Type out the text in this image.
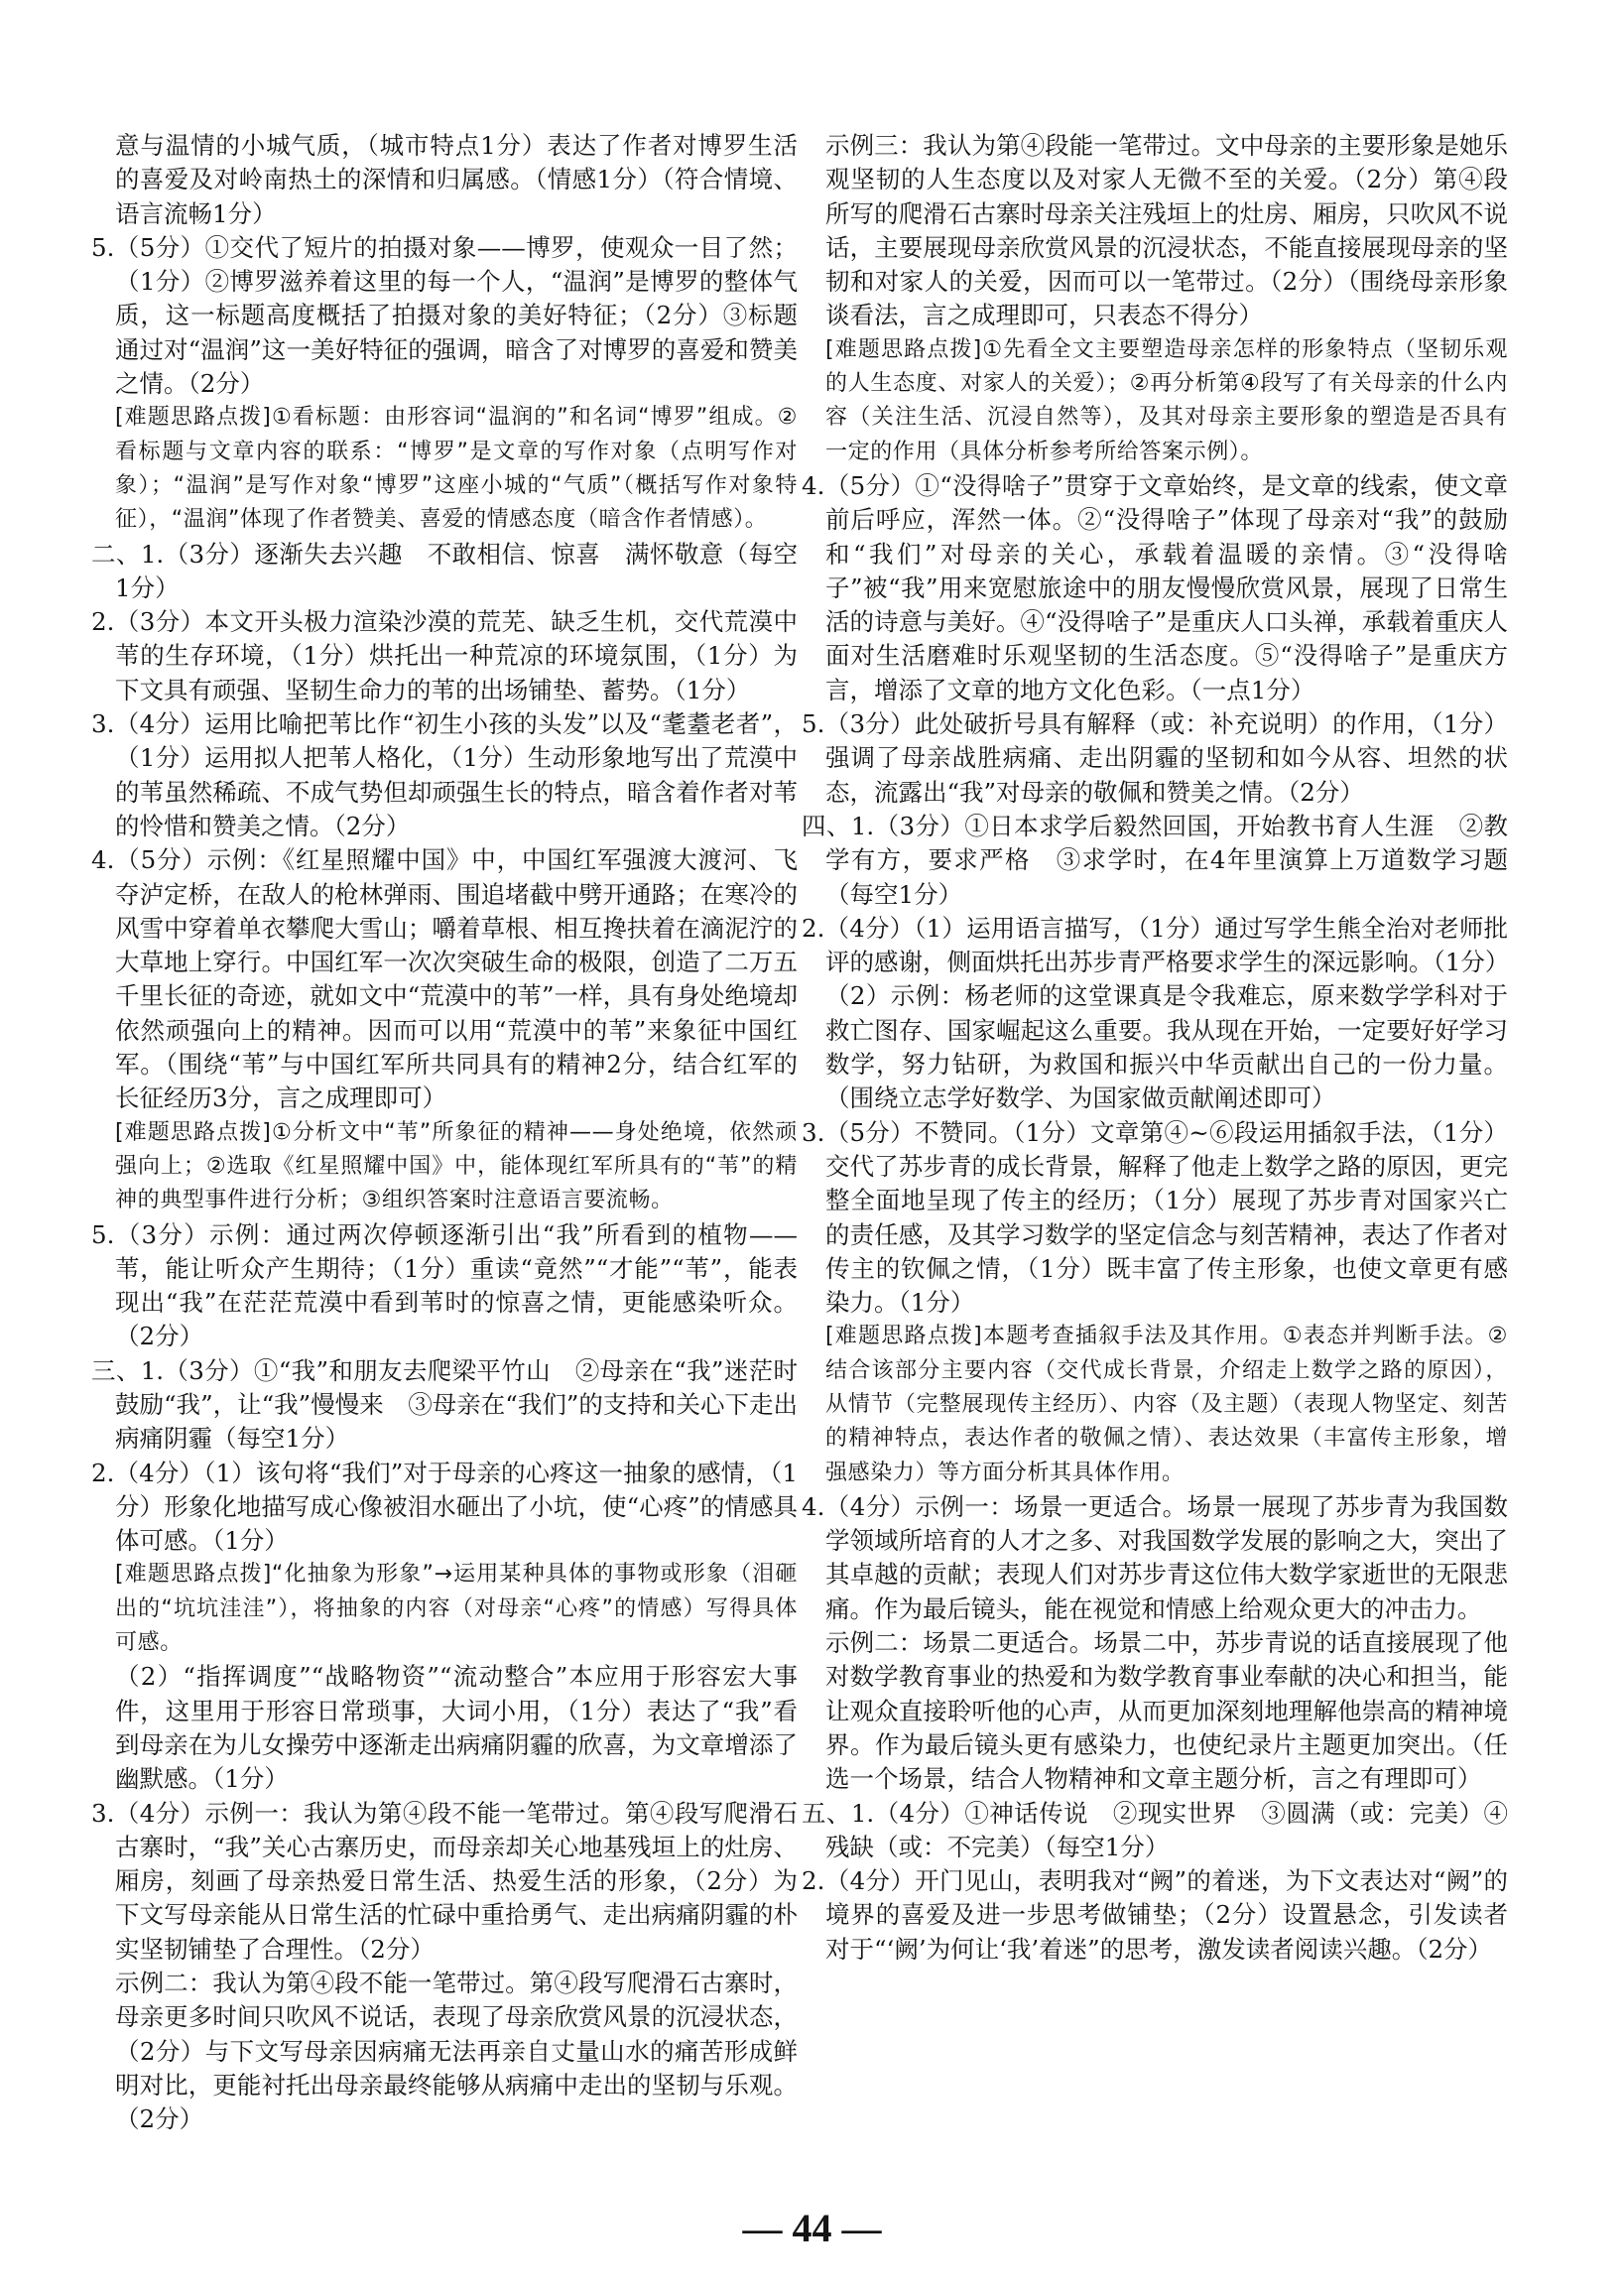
意与温情的小城气质，（城市特点1分）表达了作者对博罗生活的喜爱及对岭南热土的深情和归属感。（情感1分）（符合情境、语言流畅1分）

5.（5分）①交代了短片的拍摄对象——博罗，使观众一目了然；（1分）②博罗滋养着这里的每一个人，“温润”是博罗的整体气质，这一标题高度概括了拍摄对象的美好特征；（2分）③标题通过对“温润”这一美好特征的强调，暗含了对博罗的喜爱和赞美之情。（2分）

[难题思路点拨]①看标题：由形容词“温润的”和名词“博罗”组成。②看标题与文章内容的联系：“博罗”是文章的写作对象（点明写作对象）；“温润”是写作对象“博罗”这座小城的“气质”（概括写作对象特征），“温润”体现了作者赞美、喜爱的情感态度（暗含作者情感）。

二、1.（3分）逐渐失去兴趣　不敢相信、惊喜　满怀敬意（每空1分）

2.（3分）本文开头极力渲染沙漠的荒芜、缺乏生机，交代荒漠中苇的生存环境，（1分）烘托出一种荒凉的环境氛围，（1分）为下文具有顽强、坚韧生命力的苇的出场铺垫、蓄势。（1分）

3.（4分）运用比喻把苇比作“初生小孩的头发”以及“耄耋老者”，（1分）运用拟人把苇人格化，（1分）生动形象地写出了荒漠中的苇虽然稀疏、不成气势但却顽强生长的特点，暗含着作者对苇的怜惜和赞美之情。（2分）

4.（5分）示例：《红星照耀中国》中，中国红军强渡大渡河、飞夺泸定桥，在敌人的枪林弹雨、围追堵截中劈开通路；在寒冷的风雪中穿着单衣攀爬大雪山；嚼着草根、相互搀扶着在滴泥泞的大草地上穿行。中国红军一次次突破生命的极限，创造了二万五千里长征的奇迹，就如文中“荒漠中的苇”一样，具有身处绝境却依然顽强向上的精神。因而可以用“荒漠中的苇”来象征中国红军。（围绕“苇”与中国红军所共同具有的精神2分，结合红军的长征经历3分，言之成理即可）

[难题思路点拨]①分析文中“苇”所象征的精神——身处绝境，依然顽强向上；②选取《红星照耀中国》中，能体现红军所具有的“苇”的精神的典型事件进行分析；③组织答案时注意语言要流畅。

5.（3分）示例：通过两次停顿逐渐引出“我”所看到的植物——苇，能让听众产生期待；（1分）重读“竟然”“才能”“苇”，能表现出“我”在茫茫荒漠中看到苇时的惊喜之情，更能感染听众。（2分）

三、1.（3分）①“我”和朋友去爬梁平竹山　②母亲在“我”迷茫时鼓励“我”，让“我”慢慢来　③母亲在“我们”的支持和关心下走出病痛阴霾（每空1分）

2.（4分）（1）该句将“我们”对于母亲的心疼这一抽象的感情，（1分）形象化地描写成心像被泪水砸出了小坑，使“心疼”的情感具体可感。（1分）

[难题思路点拨]“化抽象为形象”→运用某种具体的事物或形象（泪砸出的“坑坑洼洼”），将抽象的内容（对母亲“心疼”的情感）写得具体可感。

（2）“指挥调度”“战略物资”“流动整合”本应用于形容宏大事件，这里用于形容日常琐事，大词小用，（1分）表达了“我”看到母亲在为儿女操劳中逐渐走出病痛阴霾的欣喜，为文章增添了幽默感。（1分）

3.（4分）示例一：我认为第④段不能一笔带过。第④段写爬滑石古寨时，“我”关心古寨历史，而母亲却关心地基残垣上的灶房、厢房，刻画了母亲热爱日常生活、热爱生活的形象，（2分）为下文写母亲能从日常生活的忙碌中重拾勇气、走出病痛阴霾的朴实坚韧铺垫了合理性。（2分）

示例二：我认为第④段不能一笔带过。第④段写爬滑石古寨时，母亲更多时间只吹风不说话，表现了母亲欣赏风景的沉浸状态，（2分）与下文写母亲因病痛无法再亲自丈量山水的痛苦形成鲜明对比，更能衬托出母亲最终能够从病痛中走出的坚韧与乐观。（2分）

示例三：我认为第④段能一笔带过。文中母亲的主要形象是她乐观坚韧的人生态度以及对家人无微不至的关爱。（2分）第④段所写的爬滑石古寨时母亲关注残垣上的灶房、厢房，只吹风不说话，主要展现母亲欣赏风景的沉浸状态，不能直接展现母亲的坚韧和对家人的关爱，因而可以一笔带过。（2分）（围绕母亲形象谈看法，言之成理即可，只表态不得分）

[难题思路点拨]①先看全文主要塑造母亲怎样的形象特点（坚韧乐观的人生态度、对家人的关爱）；②再分析第④段写了有关母亲的什么内容（关注生活、沉浸自然等），及其对母亲主要形象的塑造是否具有一定的作用（具体分析参考所给答案示例）。

4.（5分）①“没得啥子”贯穿于文章始终，是文章的线索，使文章前后呼应，浑然一体。②“没得啥子”体现了母亲对“我”的鼓励和“我们”对母亲的关心，承载着温暖的亲情。③“没得啥子”被“我”用来宽慰旅途中的朋友慢慢欣赏风景，展现了日常生活的诗意与美好。④“没得啥子”是重庆人口头禅，承载着重庆人面对生活磨难时乐观坚韧的生活态度。⑤“没得啥子”是重庆方言，增添了文章的地方文化色彩。（一点1分）

5.（3分）此处破折号具有解释（或：补充说明）的作用，（1分）强调了母亲战胜病痛、走出阴霾的坚韧和如今从容、坦然的状态，流露出“我”对母亲的敬佩和赞美之情。（2分）

四、1.（3分）①日本求学后毅然回国，开始教书育人生涯　②教学有方，要求严格　③求学时，在4年里演算上万道数学习题（每空1分）

2.（4分）（1）运用语言描写，（1分）通过写学生熊全治对老师批评的感谢，侧面烘托出苏步青严格要求学生的深远影响。（1分）

（2）示例：杨老师的这堂课真是令我难忘，原来数学学科对于救亡图存、国家崛起这么重要。我从现在开始，一定要好好学习数学，努力钻研，为救国和振兴中华贡献出自己的一份力量。（围绕立志学好数学、为国家做贡献阐述即可）

3.（5分）不赞同。（1分）文章第④~⑥段运用插叙手法，（1分）交代了苏步青的成长背景，解释了他走上数学之路的原因，更完整全面地呈现了传主的经历；（1分）展现了苏步青对国家兴亡的责任感，及其学习数学的坚定信念与刻苦精神，表达了作者对传主的钦佩之情，（1分）既丰富了传主形象，也使文章更有感染力。（1分）

[难题思路点拨]本题考查插叙手法及其作用。①表态并判断手法。②结合该部分主要内容（交代成长背景，介绍走上数学之路的原因），从情节（完整展现传主经历）、内容（及主题）（表现人物坚定、刻苦的精神特点，表达作者的敬佩之情）、表达效果（丰富传主形象，增强感染力）等方面分析其具体作用。

4.（4分）示例一：场景一更适合。场景一展现了苏步青为我国数学领域所培育的人才之多、对我国数学发展的影响之大，突出了其卓越的贡献；表现人们对苏步青这位伟大数学家逝世的无限悲痛。作为最后镜头，能在视觉和情感上给观众更大的冲击力。

示例二：场景二更适合。场景二中，苏步青说的话直接展现了他对数学教育事业的热爱和为数学教育事业奉献的决心和担当，能让观众直接聆听他的心声，从而更加深刻地理解他崇高的精神境界。作为最后镜头更有感染力，也使纪录片主题更加突出。（任选一个场景，结合人物精神和文章主题分析，言之有理即可）

五、1.（4分）①神话传说　②现实世界　③圆满（或：完美）④残缺（或：不完美）（每空1分）

2.（4分）开门见山，表明我对“阙”的着迷，为下文表达对“阙”的境界的喜爱及进一步思考做铺垫；（2分）设置悬念，引发读者对于“‘阙’为何让‘我’着迷”的思考，激发读者阅读兴趣。（2分）

— 44 —
